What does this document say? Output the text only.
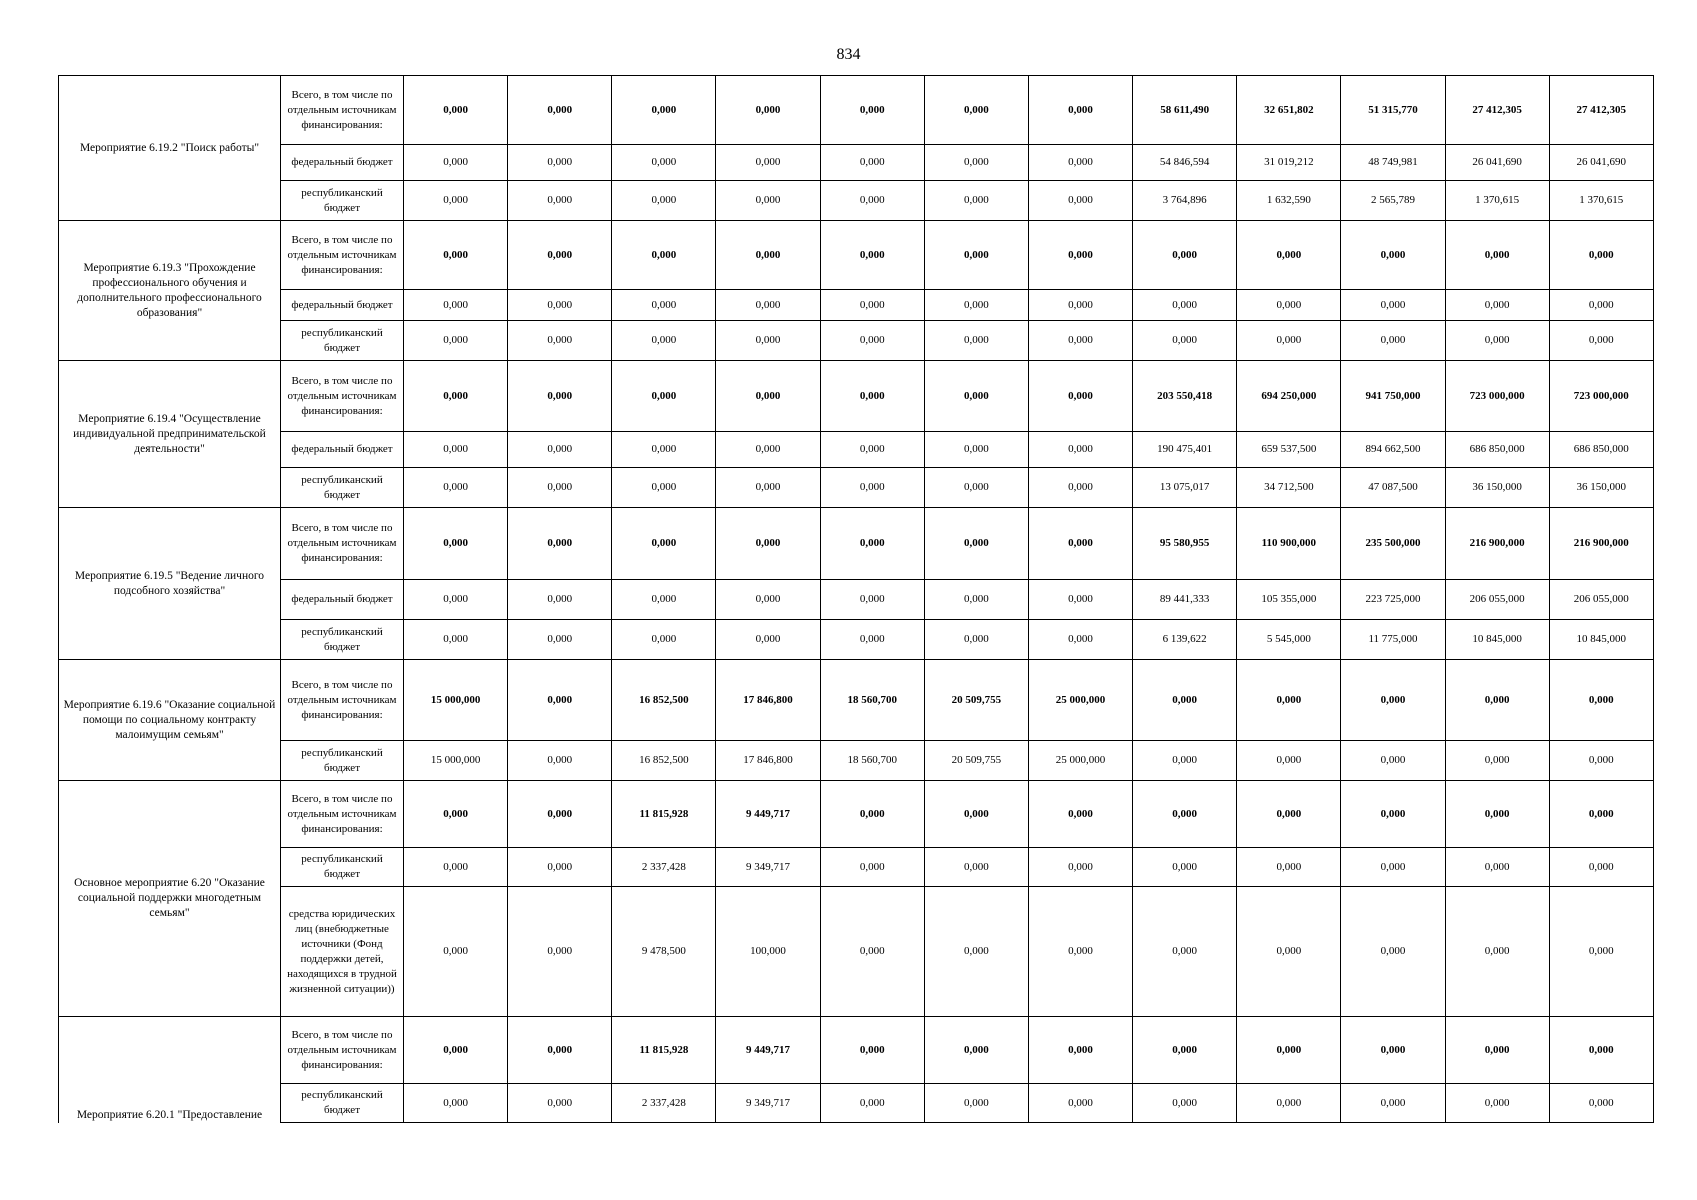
834
Мероприятие 6.19.2 "Поиск работы"	Всего, в том числе по отдельным источникам финансирования:	0,000	0,000	0,000	0,000	0,000	0,000	0,000	58 611,490	32 651,802	51 315,770	27 412,305	27 412,305
	федеральный бюджет	0,000	0,000	0,000	0,000	0,000	0,000	0,000	54 846,594	31 019,212	48 749,981	26 041,690	26 041,690
	республиканский бюджет	0,000	0,000	0,000	0,000	0,000	0,000	0,000	3 764,896	1 632,590	2 565,789	1 370,615	1 370,615
Мероприятие 6.19.3 "Прохождение профессионального обучения и дополнительного профессионального образования"	Всего, в том числе по отдельным источникам финансирования:	0,000	0,000	0,000	0,000	0,000	0,000	0,000	0,000	0,000	0,000	0,000	0,000
	федеральный бюджет	0,000	0,000	0,000	0,000	0,000	0,000	0,000	0,000	0,000	0,000	0,000	0,000
	республиканский бюджет	0,000	0,000	0,000	0,000	0,000	0,000	0,000	0,000	0,000	0,000	0,000	0,000
Мероприятие 6.19.4 "Осуществление индивидуальной предпринимательской деятельности"	Всего, в том числе по отдельным источникам финансирования:	0,000	0,000	0,000	0,000	0,000	0,000	0,000	203 550,418	694 250,000	941 750,000	723 000,000	723 000,000
	федеральный бюджет	0,000	0,000	0,000	0,000	0,000	0,000	0,000	190 475,401	659 537,500	894 662,500	686 850,000	686 850,000
	республиканский бюджет	0,000	0,000	0,000	0,000	0,000	0,000	0,000	13 075,017	34 712,500	47 087,500	36 150,000	36 150,000
Мероприятие 6.19.5 "Ведение личного подсобного хозяйства"	Всего, в том числе по отдельным источникам финансирования:	0,000	0,000	0,000	0,000	0,000	0,000	0,000	95 580,955	110 900,000	235 500,000	216 900,000	216 900,000
	федеральный бюджет	0,000	0,000	0,000	0,000	0,000	0,000	0,000	89 441,333	105 355,000	223 725,000	206 055,000	206 055,000
	республиканский бюджет	0,000	0,000	0,000	0,000	0,000	0,000	0,000	6 139,622	5 545,000	11 775,000	10 845,000	10 845,000
Мероприятие 6.19.6 "Оказание социальной помощи по социальному контракту малоимущим семьям"	Всего, в том числе по отдельным источникам финансирования:	15 000,000	0,000	16 852,500	17 846,800	18 560,700	20 509,755	25 000,000	0,000	0,000	0,000	0,000	0,000
	республиканский бюджет	15 000,000	0,000	16 852,500	17 846,800	18 560,700	20 509,755	25 000,000	0,000	0,000	0,000	0,000	0,000
Основное мероприятие 6.20 "Оказание социальной поддержки многодетным семьям"	Всего, в том числе по отдельным источникам финансирования:	0,000	0,000	11 815,928	9 449,717	0,000	0,000	0,000	0,000	0,000	0,000	0,000	0,000
	республиканский бюджет	0,000	0,000	2 337,428	9 349,717	0,000	0,000	0,000	0,000	0,000	0,000	0,000	0,000
	средства юридических лиц (внебюджетные источники (Фонд поддержки детей, находящихся в трудной жизненной ситуации))	0,000	0,000	9 478,500	100,000	0,000	0,000	0,000	0,000	0,000	0,000	0,000	0,000
Мероприятие 6.20.1 "Предоставление	Всего, в том числе по отдельным источникам финансирования:	0,000	0,000	11 815,928	9 449,717	0,000	0,000	0,000	0,000	0,000	0,000	0,000	0,000
	республиканский бюджет	0,000	0,000	2 337,428	9 349,717	0,000	0,000	0,000	0,000	0,000	0,000	0,000	0,000
